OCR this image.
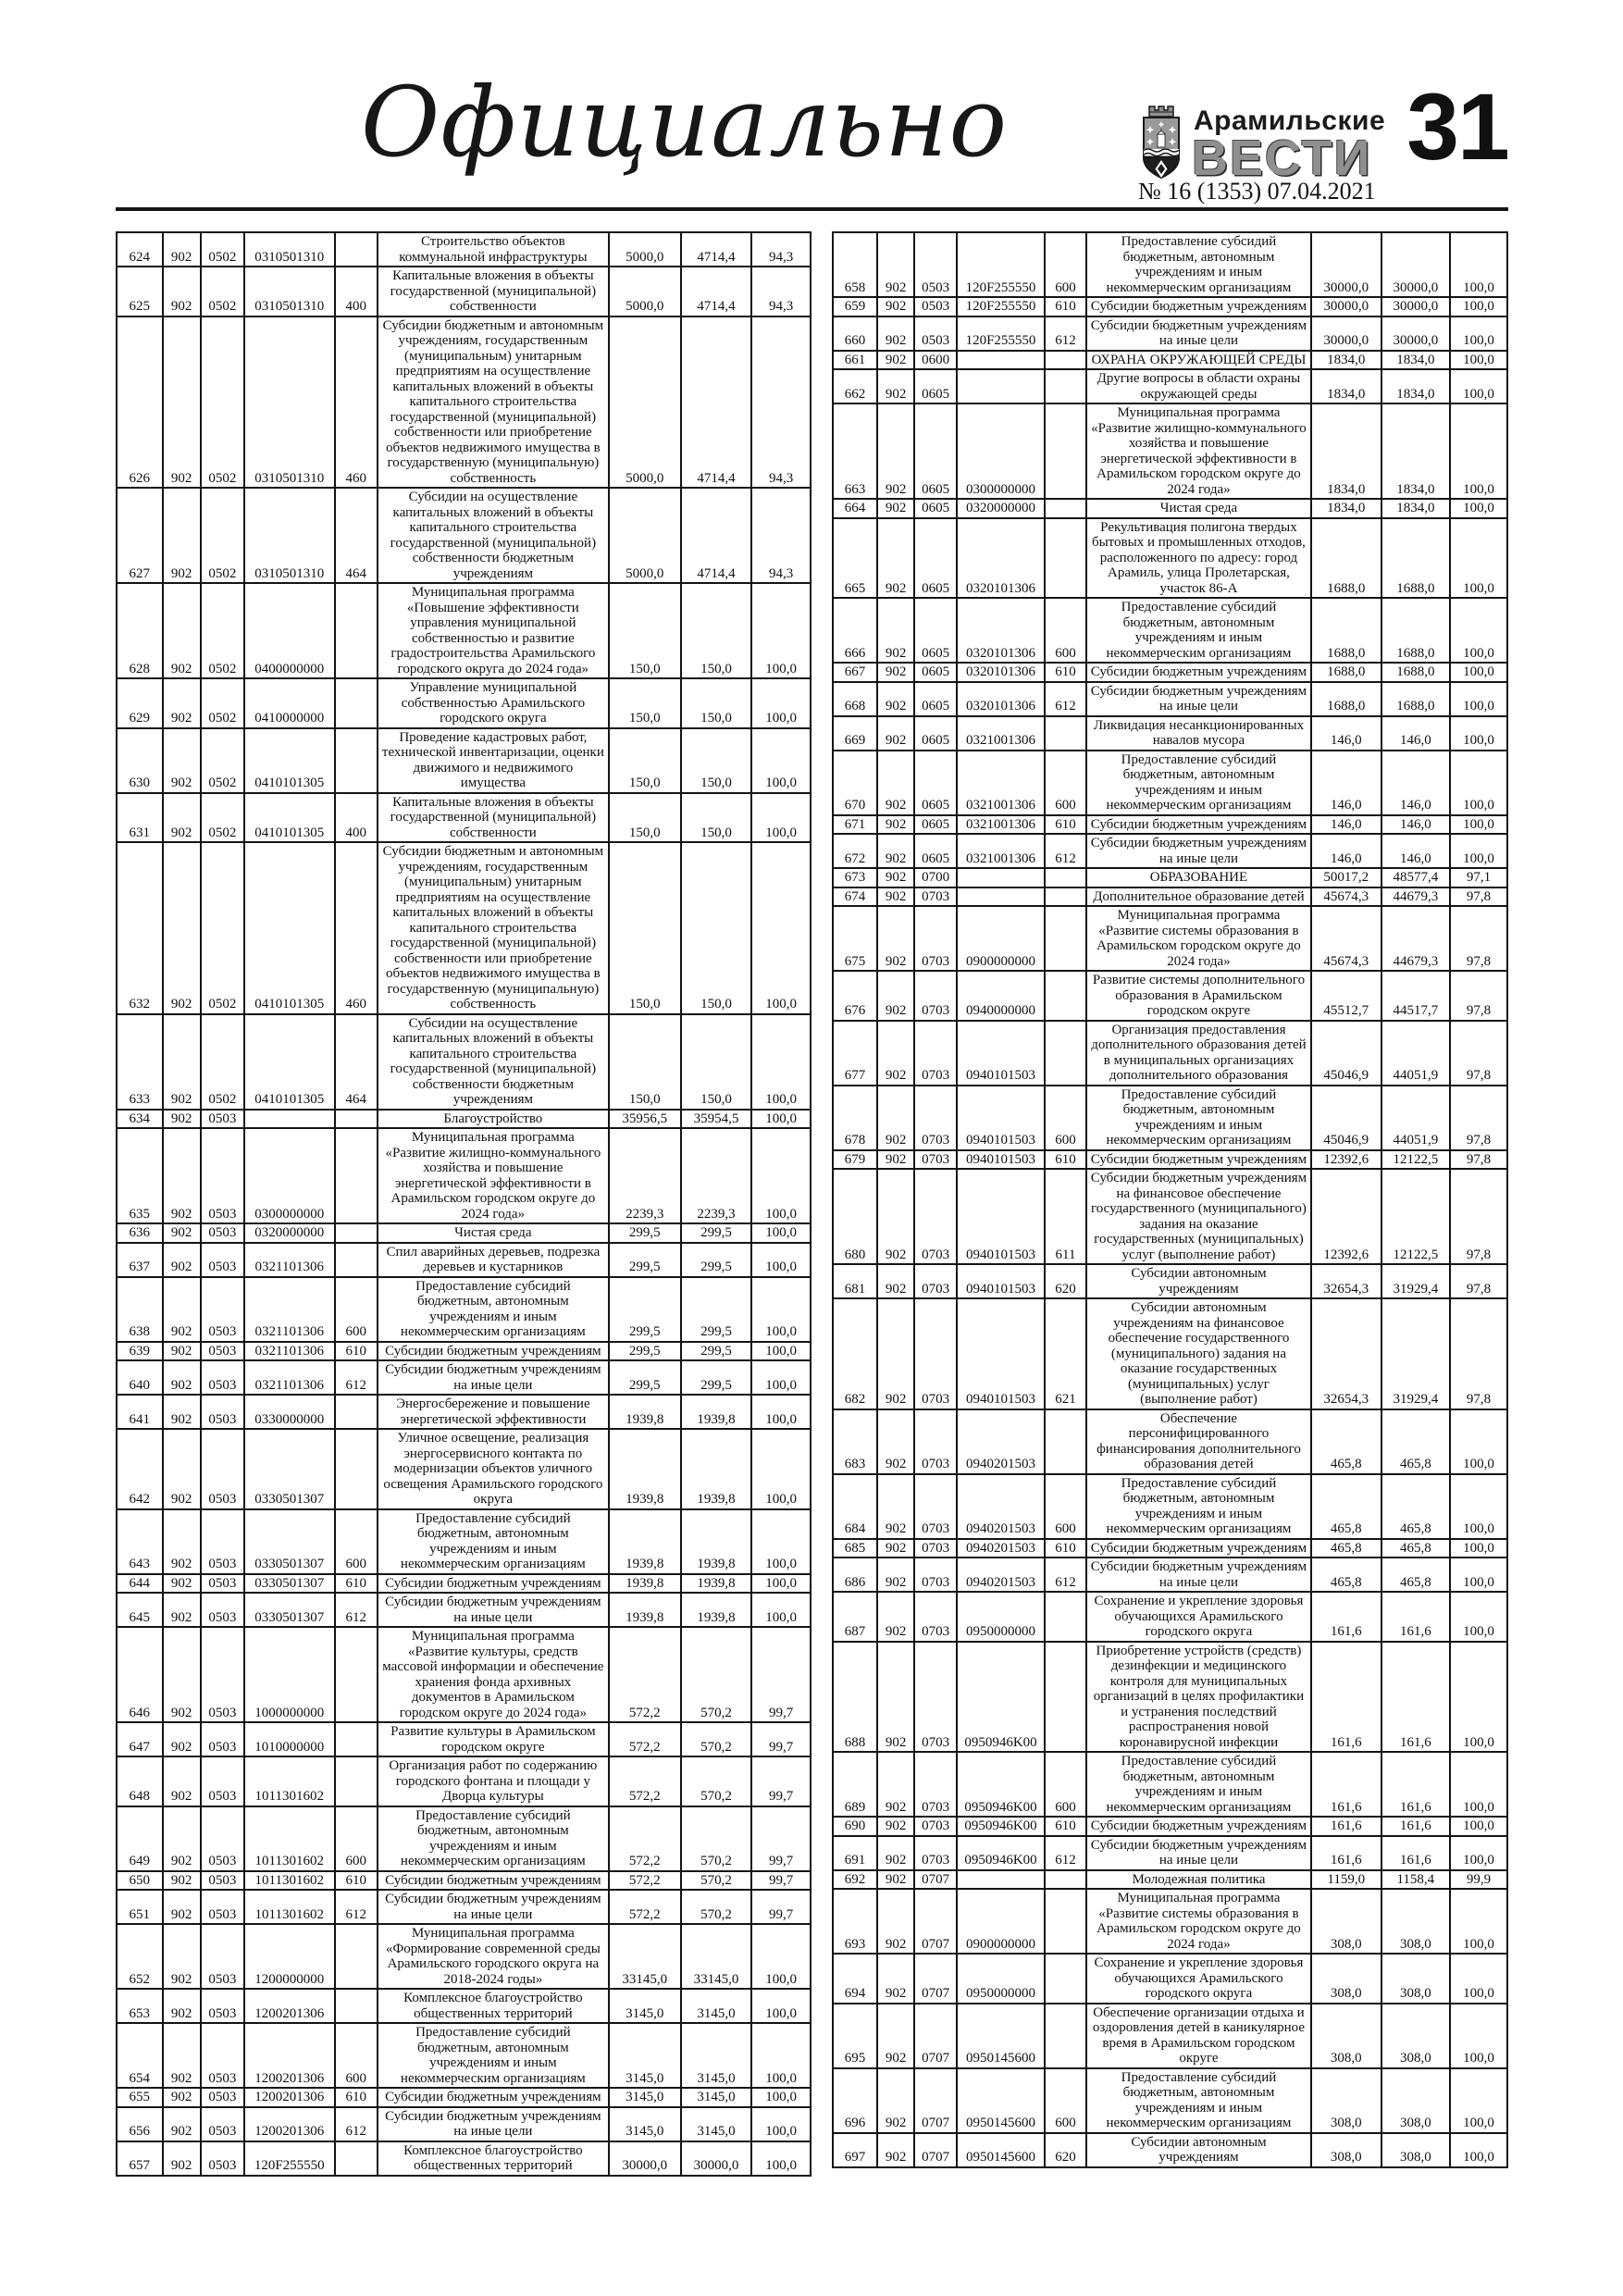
Официально	Арамильские
ВЕСТИ
№ 16 (1353) 07.04.2021
31
624	902	0502	0310501310		Строительство объектов коммунальной инфраструктуры	5000,0	4714,4	94,3
625	902	0502	0310501310	400	Капитальные вложения в объекты государственной (муниципальной) собственности	5000,0	4714,4	94,3
626	902	0502	0310501310	460	Субсидии бюджетным и автономным учреждениям, государственным (муниципальным) унитарным предприятиям на осуществление капитальных вложений в объекты капитального строительства государственной (муниципальной) собственности или приобретение объектов недвижимого имущества в государственную (муниципальную) собственность	5000,0	4714,4	94,3
627	902	0502	0310501310	464	Субсидии на осуществление капитальных вложений в объекты капитального строительства государственной (муниципальной) собственности бюджетным учреждениям	5000,0	4714,4	94,3
628	902	0502	0400000000		Муниципальная программа «Повышение эффективности управления муниципальной собственностью и развитие градостроительства Арамильского городского округа до 2024 года»	150,0	150,0	100,0
629	902	0502	0410000000		Управление муниципальной собственностью Арамильского городского округа	150,0	150,0	100,0
630	902	0502	0410101305		Проведение кадастровых работ, технической инвентаризации, оценки движимого и недвижимого имущества	150,0	150,0	100,0
631	902	0502	0410101305	400	Капитальные вложения в объекты государственной (муниципальной) собственности	150,0	150,0	100,0
632	902	0502	0410101305	460	Субсидии бюджетным и автономным учреждениям, государственным (муниципальным) унитарным предприятиям на осуществление капитальных вложений в объекты капитального строительства государственной (муниципальной) собственности или приобретение объектов недвижимого имущества в государственную (муниципальную) собственность	150,0	150,0	100,0
633	902	0502	0410101305	464	Субсидии на осуществление капитальных вложений в объекты капитального строительства государственной (муниципальной) собственности бюджетным учреждениям	150,0	150,0	100,0
634	902	0503			Благоустройство	35956,5	35954,5	100,0
635	902	0503	0300000000		Муниципальная программа «Развитие жилищно-коммунального хозяйства и повышение энергетической эффективности в Арамильском городском округе до 2024 года»	2239,3	2239,3	100,0
636	902	0503	0320000000		Чистая среда	299,5	299,5	100,0
637	902	0503	0321101306		Спил аварийных деревьев, подрезка деревьев и кустарников	299,5	299,5	100,0
638	902	0503	0321101306	600	Предоставление субсидий бюджетным, автономным учреждениям и иным некоммерческим организациям	299,5	299,5	100,0
639	902	0503	0321101306	610	Субсидии бюджетным учреждениям	299,5	299,5	100,0
640	902	0503	0321101306	612	Субсидии бюджетным учреждениям на иные цели	299,5	299,5	100,0
641	902	0503	0330000000		Энергосбережение и повышение энергетической эффективности	1939,8	1939,8	100,0
642	902	0503	0330501307		Уличное освещение, реализация энергосервисного контакта по модернизации объектов уличного освещения Арамильского городского округа	1939,8	1939,8	100,0
643	902	0503	0330501307	600	Предоставление субсидий бюджетным, автономным учреждениям и иным некоммерческим организациям	1939,8	1939,8	100,0
644	902	0503	0330501307	610	Субсидии бюджетным учреждениям	1939,8	1939,8	100,0
645	902	0503	0330501307	612	Субсидии бюджетным учреждениям на иные цели	1939,8	1939,8	100,0
646	902	0503	1000000000		Муниципальная программа «Развитие культуры, средств массовой информации и обеспечение хранения фонда архивных документов в Арамильском городском округе до 2024 года»	572,2	570,2	99,7
647	902	0503	1010000000		Развитие культуры в Арамильском городском округе	572,2	570,2	99,7
648	902	0503	1011301602		Организация работ по содержанию городского фонтана и площади у Дворца культуры	572,2	570,2	99,7
649	902	0503	1011301602	600	Предоставление субсидий бюджетным, автономным учреждениям и иным некоммерческим организациям	572,2	570,2	99,7
650	902	0503	1011301602	610	Субсидии бюджетным учреждениям	572,2	570,2	99,7
651	902	0503	1011301602	612	Субсидии бюджетным учреждениям на иные цели	572,2	570,2	99,7
652	902	0503	1200000000		Муниципальная программа «Формирование современной среды Арамильского городского округа на 2018-2024 годы»	33145,0	33145,0	100,0
653	902	0503	1200201306		Комплексное благоустройство общественных территорий	3145,0	3145,0	100,0
654	902	0503	1200201306	600	Предоставление субсидий бюджетным, автономным учреждениям и иным некоммерческим организациям	3145,0	3145,0	100,0
655	902	0503	1200201306	610	Субсидии бюджетным учреждениям	3145,0	3145,0	100,0
656	902	0503	1200201306	612	Субсидии бюджетным учреждениям на иные цели	3145,0	3145,0	100,0
657	902	0503	120F255550		Комплексное благоустройство общественных территорий	30000,0	30000,0	100,0
658	902	0503	120F255550	600	Предоставление субсидий бюджетным, автономным учреждениям и иным некоммерческим организациям	30000,0	30000,0	100,0
659	902	0503	120F255550	610	Субсидии бюджетным учреждениям	30000,0	30000,0	100,0
660	902	0503	120F255550	612	Субсидии бюджетным учреждениям на иные цели	30000,0	30000,0	100,0
661	902	0600			ОХРАНА ОКРУЖАЮЩЕЙ СРЕДЫ	1834,0	1834,0	100,0
662	902	0605			Другие вопросы в области охраны окружающей среды	1834,0	1834,0	100,0
663	902	0605	0300000000		Муниципальная программа «Развитие жилищно-коммунального хозяйства и повышение энергетической эффективности в Арамильском городском округе до 2024 года»	1834,0	1834,0	100,0
664	902	0605	0320000000		Чистая среда	1834,0	1834,0	100,0
665	902	0605	0320101306		Рекультивация полигона твердых бытовых и промышленных отходов, расположенного по адресу: город Арамиль, улица Пролетарская, участок 86-А	1688,0	1688,0	100,0
666	902	0605	0320101306	600	Предоставление субсидий бюджетным, автономным учреждениям и иным некоммерческим организациям	1688,0	1688,0	100,0
667	902	0605	0320101306	610	Субсидии бюджетным учреждениям	1688,0	1688,0	100,0
668	902	0605	0320101306	612	Субсидии бюджетным учреждениям на иные цели	1688,0	1688,0	100,0
669	902	0605	0321001306		Ликвидация несанкционированных навалов мусора	146,0	146,0	100,0
670	902	0605	0321001306	600	Предоставление субсидий бюджетным, автономным учреждениям и иным некоммерческим организациям	146,0	146,0	100,0
671	902	0605	0321001306	610	Субсидии бюджетным учреждениям	146,0	146,0	100,0
672	902	0605	0321001306	612	Субсидии бюджетным учреждениям на иные цели	146,0	146,0	100,0
673	902	0700			ОБРАЗОВАНИЕ	50017,2	48577,4	97,1
674	902	0703			Дополнительное образование детей	45674,3	44679,3	97,8
675	902	0703	0900000000		Муниципальная программа «Развитие системы образования в Арамильском городском округе до 2024 года»	45674,3	44679,3	97,8
676	902	0703	0940000000		Развитие системы дополнительного образования в Арамильском городском округе	45512,7	44517,7	97,8
677	902	0703	0940101503		Организация предоставления дополнительного образования детей в муниципальных организациях дополнительного образования	45046,9	44051,9	97,8
678	902	0703	0940101503	600	Предоставление субсидий бюджетным, автономным учреждениям и иным некоммерческим организациям	45046,9	44051,9	97,8
679	902	0703	0940101503	610	Субсидии бюджетным учреждениям	12392,6	12122,5	97,8
680	902	0703	0940101503	611	Субсидии бюджетным учреждениям на финансовое обеспечение государственного (муниципального) задания на оказание государственных (муниципальных) услуг (выполнение работ)	12392,6	12122,5	97,8
681	902	0703	0940101503	620	Субсидии автономным учреждениям	32654,3	31929,4	97,8
682	902	0703	0940101503	621	Субсидии автономным учреждениям на финансовое обеспечение государственного (муниципального) задания на оказание государственных (муниципальных) услуг (выполнение работ)	32654,3	31929,4	97,8
683	902	0703	0940201503		Обеспечение персонифицированного финансирования дополнительного образования детей	465,8	465,8	100,0
684	902	0703	0940201503	600	Предоставление субсидий бюджетным, автономным учреждениям и иным некоммерческим организациям	465,8	465,8	100,0
685	902	0703	0940201503	610	Субсидии бюджетным учреждениям	465,8	465,8	100,0
686	902	0703	0940201503	612	Субсидии бюджетным учреждениям на иные цели	465,8	465,8	100,0
687	902	0703	0950000000		Сохранение и укрепление здоровья обучающихся Арамильского городского округа	161,6	161,6	100,0
688	902	0703	0950946K00		Приобретение устройств (средств) дезинфекции и медицинского контроля для муниципальных организаций в целях профилактики и устранения последствий распространения новой коронавирусной инфекции	161,6	161,6	100,0
689	902	0703	0950946K00	600	Предоставление субсидий бюджетным, автономным учреждениям и иным некоммерческим организациям	161,6	161,6	100,0
690	902	0703	0950946K00	610	Субсидии бюджетным учреждениям	161,6	161,6	100,0
691	902	0703	0950946K00	612	Субсидии бюджетным учреждениям на иные цели	161,6	161,6	100,0
692	902	0707			Молодежная политика	1159,0	1158,4	99,9
693	902	0707	0900000000		Муниципальная программа «Развитие системы образования в Арамильском городском округе до 2024 года»	308,0	308,0	100,0
694	902	0707	0950000000		Сохранение и укрепление здоровья обучающихся Арамильского городского округа	308,0	308,0	100,0
695	902	0707	0950145600		Обеспечение организации отдыха и оздоровления детей в каникулярное время в Арамильском городском округе	308,0	308,0	100,0
696	902	0707	0950145600	600	Предоставление субсидий бюджетным, автономным учреждениям и иным некоммерческим организациям	308,0	308,0	100,0
697	902	0707	0950145600	620	Субсидии автономным учреждениям	308,0	308,0	100,0
